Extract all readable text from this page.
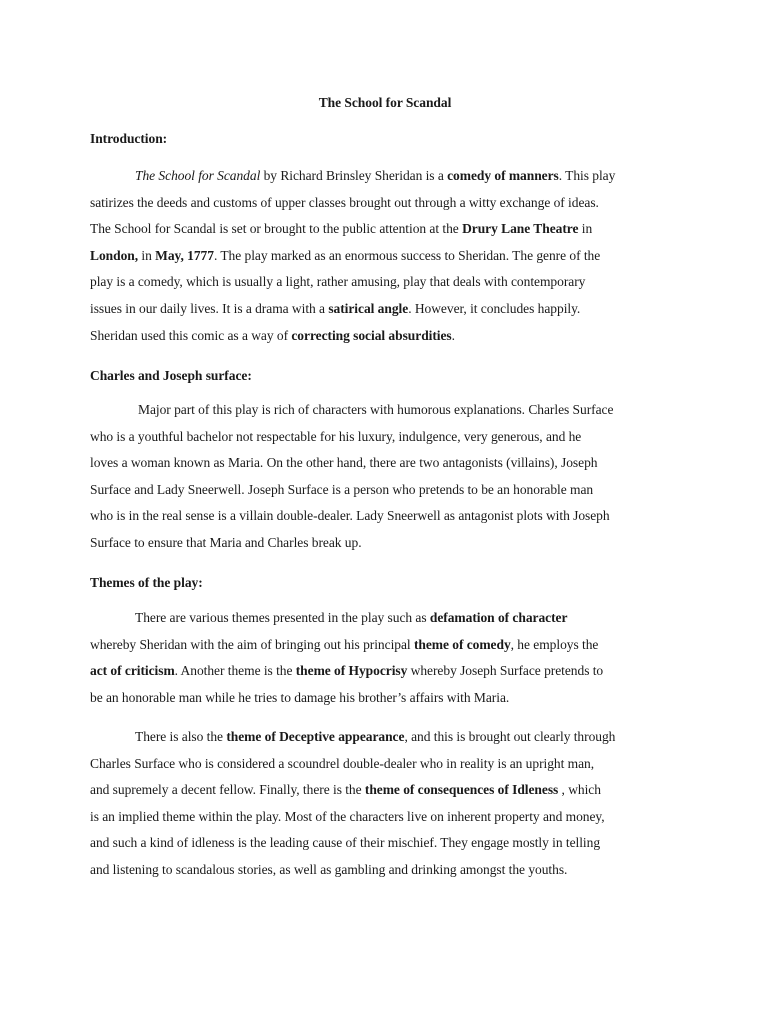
The School for Scandal
Introduction:
The School for Scandal by Richard Brinsley Sheridan is a comedy of manners. This play
satirizes the deeds and customs of upper classes brought out through a witty exchange of ideas.
The School for Scandal is set or brought to the public attention at the Drury Lane Theatre in
London, in May, 1777. The play marked as an enormous success to Sheridan. The genre of the
play is a comedy, which is usually a light, rather amusing, play that deals with contemporary
issues in our daily lives. It is a drama with a satirical angle. However, it concludes happily.
Sheridan used this comic as a way of correcting social absurdities.
Charles and Joseph surface:
Major part of this play is rich of characters with humorous explanations. Charles Surface
who is a youthful bachelor not respectable for his luxury, indulgence, very generous, and he
loves a woman known as Maria. On the other hand, there are two antagonists (villains), Joseph
Surface and Lady Sneerwell. Joseph Surface is a person who pretends to be an honorable man
who is in the real sense is a villain double-dealer. Lady Sneerwell as antagonist plots with Joseph
Surface to ensure that Maria and Charles break up.
Themes of the play:
There are various themes presented in the play such as defamation of character
whereby Sheridan with the aim of bringing out his principal theme of comedy, he employs the
act of criticism. Another theme is the theme of Hypocrisy whereby Joseph Surface pretends to
be an honorable man while he tries to damage his brother’s affairs with Maria.
There is also the theme of Deceptive appearance, and this is brought out clearly through
Charles Surface who is considered a scoundrel double-dealer who in reality is an upright man,
and supremely a decent fellow. Finally, there is the theme of consequences of Idleness , which
is an implied theme within the play. Most of the characters live on inherent property and money,
and such a kind of idleness is the leading cause of their mischief. They engage mostly in telling
and listening to scandalous stories, as well as gambling and drinking amongst the youths.
